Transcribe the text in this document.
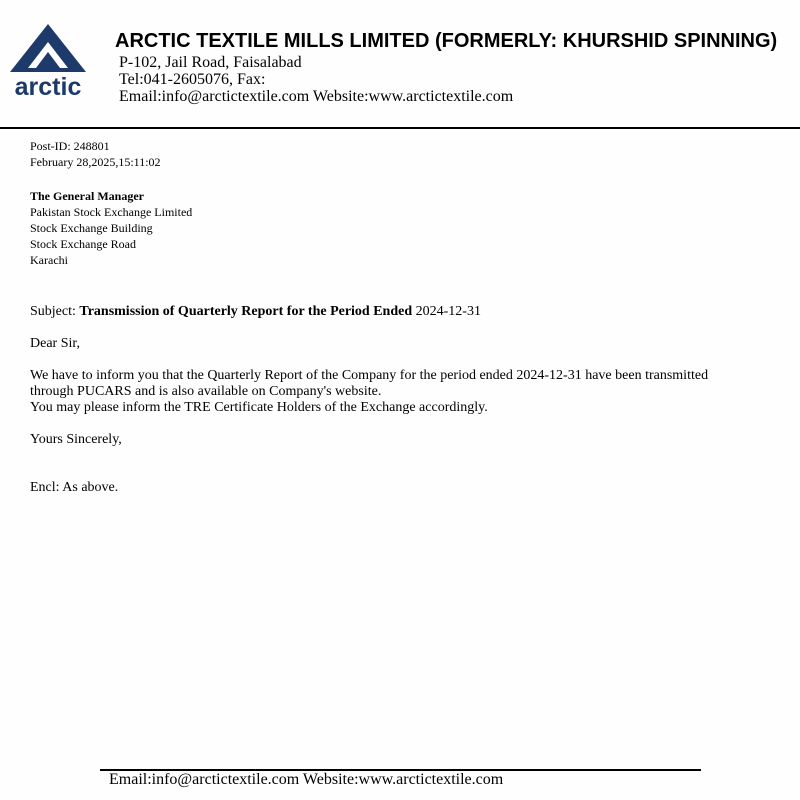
arctic
ARCTIC TEXTILE MILLS LIMITED (FORMERLY: KHURSHID SPINNING)
P-102, Jail Road, Faisalabad
Tel:041-2605076, Fax:
Email:info@arctictextile.com Website:www.arctictextile.com
Post-ID: 248801
February 28,2025,15:11:02
The General Manager
Pakistan Stock Exchange Limited
Stock Exchange Building
Stock Exchange Road
Karachi
Subject: Transmission of Quarterly Report for the Period Ended 2024-12-31
Dear Sir,
We have to inform you that the Quarterly Report of the Company for the period ended 2024-12-31 have been transmitted
through PUCARS and is also available on Company's website.
You may please inform the TRE Certificate Holders of the Exchange accordingly.
Yours Sincerely,
Encl: As above.
Email:info@arctictextile.com Website:www.arctictextile.com
